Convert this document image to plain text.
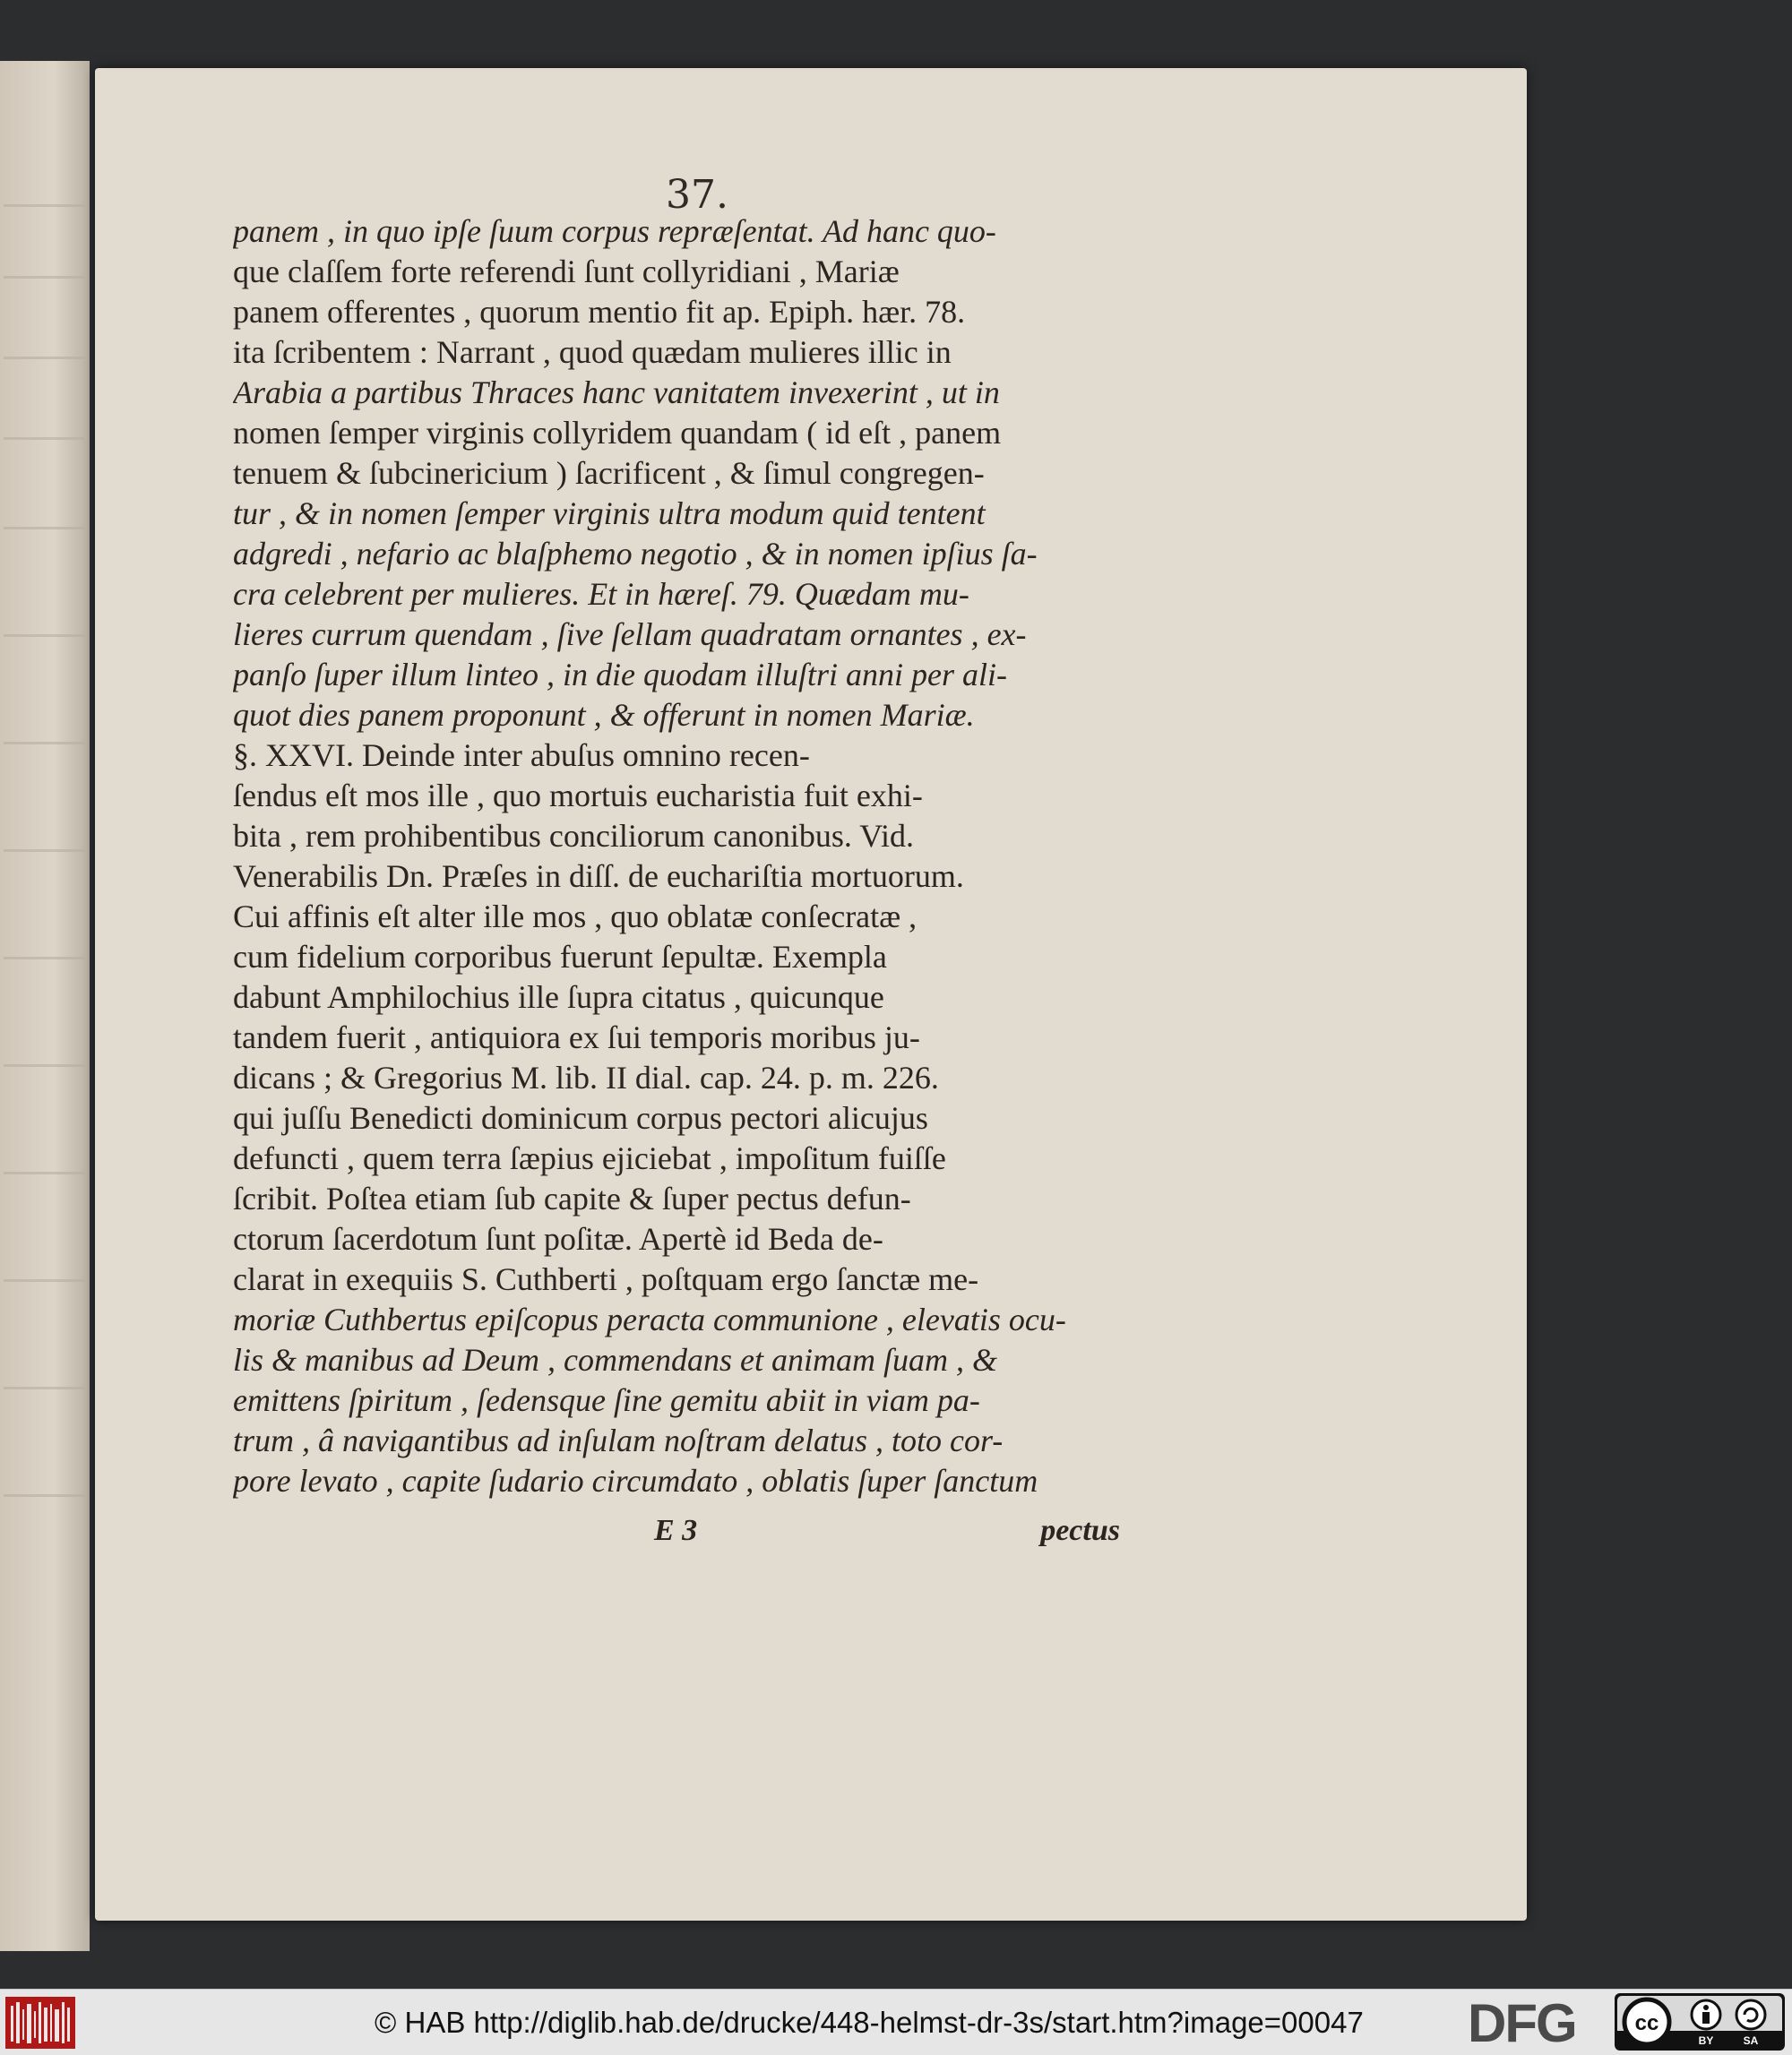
37.
panem , in quo ipſe ſuum corpus repræſentat. Ad hanc quo-
que claſſem forte referendi ſunt collyridiani , Mariæ
panem offerentes , quorum mentio fit ap. Epiph. hær. 78.
ita ſcribentem : Narrant , quod quædam mulieres illic in
Arabia a partibus Thraces hanc vanitatem invexerint , ut in
nomen ſemper virginis collyridem quandam ( id eſt , panem
tenuem & ſubcinericium ) ſacrificent , & ſimul congregen-
tur , & in nomen ſemper virginis ultra modum quid tentent
adgredi , nefario ac blaſphemo negotio , & in nomen ipſius ſa-
cra celebrent per mulieres. Et in hæreſ. 79. Quædam mu-
lieres currum quendam , ſive ſellam quadratam ornantes , ex-
panſo ſuper illum linteo , in die quodam illuſtri anni per ali-
quot dies panem proponunt , & offerunt in nomen Mariæ.
§. XXVI. Deinde inter abuſus omnino recen-
ſendus eſt mos ille , quo mortuis eucharistia fuit exhi-
bita , rem prohibentibus conciliorum canonibus. Vid.
Venerabilis Dn. Præſes in diſſ. de euchariſtia mortuorum.
Cui affinis eſt alter ille mos , quo oblatæ conſecratæ ,
cum fidelium corporibus fuerunt ſepultæ. Exempla
dabunt Amphilochius ille ſupra citatus , quicunque
tandem fuerit , antiquiora ex ſui temporis moribus ju-
dicans ; & Gregorius M. lib. II dial. cap. 24. p. m. 226.
qui juſſu Benedicti dominicum corpus pectori alicujus
defuncti , quem terra ſæpius ejiciebat , impoſitum fuiſſe
ſcribit. Poſtea etiam ſub capite & ſuper pectus defun-
ctorum ſacerdotum ſunt poſitæ. Apertè id Beda de-
clarat in exequiis S. Cuthberti , poſtquam ergo ſanctæ me-
moriæ Cuthbertus epiſcopus peracta communione , elevatis ocu-
lis & manibus ad Deum , commendans et animam ſuam , &
emittens ſpiritum , ſedensque ſine gemitu abiit in viam pa-
trum , â navigantibus ad inſulam noſtram delatus , toto cor-
pore levato , capite ſudario circumdato , oblatis ſuper ſanctum
E 3	pectus
© HAB http://diglib.hab.de/drucke/448-helmst-dr-3s/start.htm?image=00047 DFG	cc
BY	SA
